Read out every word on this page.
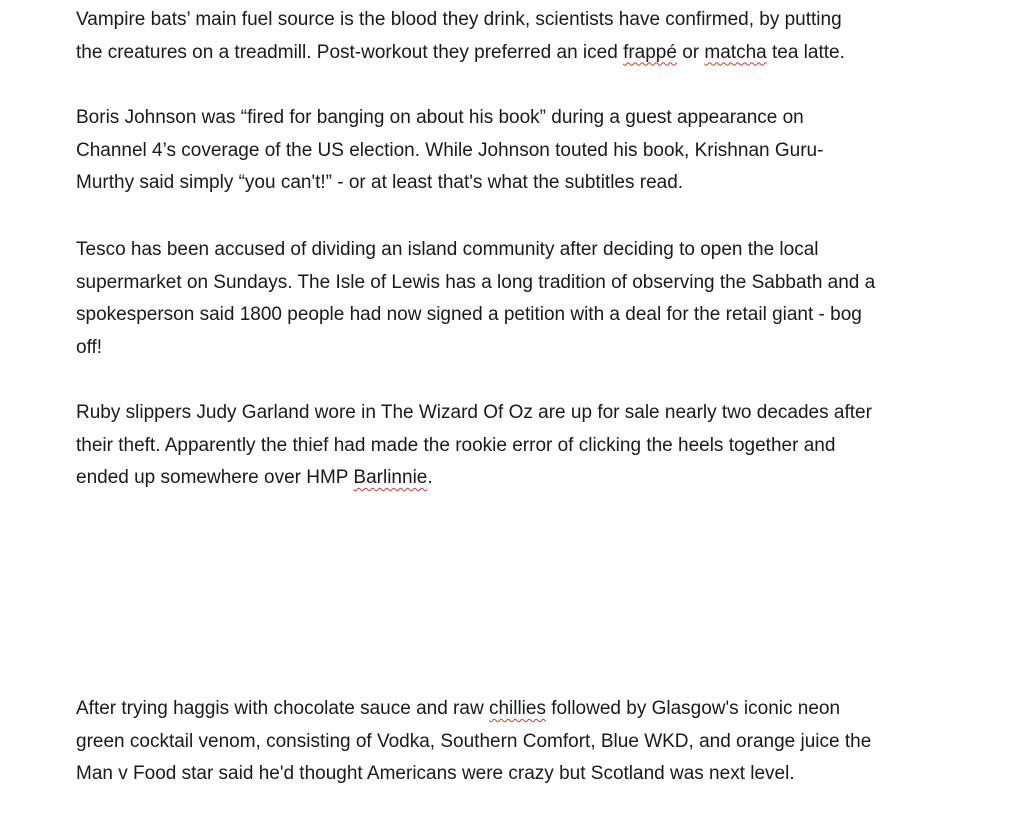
Vampire bats’ main fuel source is the blood they drink, scientists have confirmed, by putting
the creatures on a treadmill. Post-workout they preferred an iced frappé or matcha tea latte.

Boris Johnson was “fired for banging on about his book” during a guest appearance on
Channel 4’s coverage of the US election. While Johnson touted his book, Krishnan Guru-
Murthy said simply “you can't!” - or at least that's what the subtitles read.

Tesco has been accused of dividing an island community after deciding to open the local
supermarket on Sundays. The Isle of Lewis has a long tradition of observing the Sabbath and a
spokesperson said 1800 people had now signed a petition with a deal for the retail giant - bog
off!

Ruby slippers Judy Garland wore in The Wizard Of Oz are up for sale nearly two decades after
their theft. Apparently the thief had made the rookie error of clicking the heels together and
ended up somewhere over HMP Barlinnie.

After trying haggis with chocolate sauce and raw chillies followed by Glasgow's iconic neon
green cocktail venom, consisting of Vodka, Southern Comfort, Blue WKD, and orange juice the
Man v Food star said he'd thought Americans were crazy but Scotland was next level.
